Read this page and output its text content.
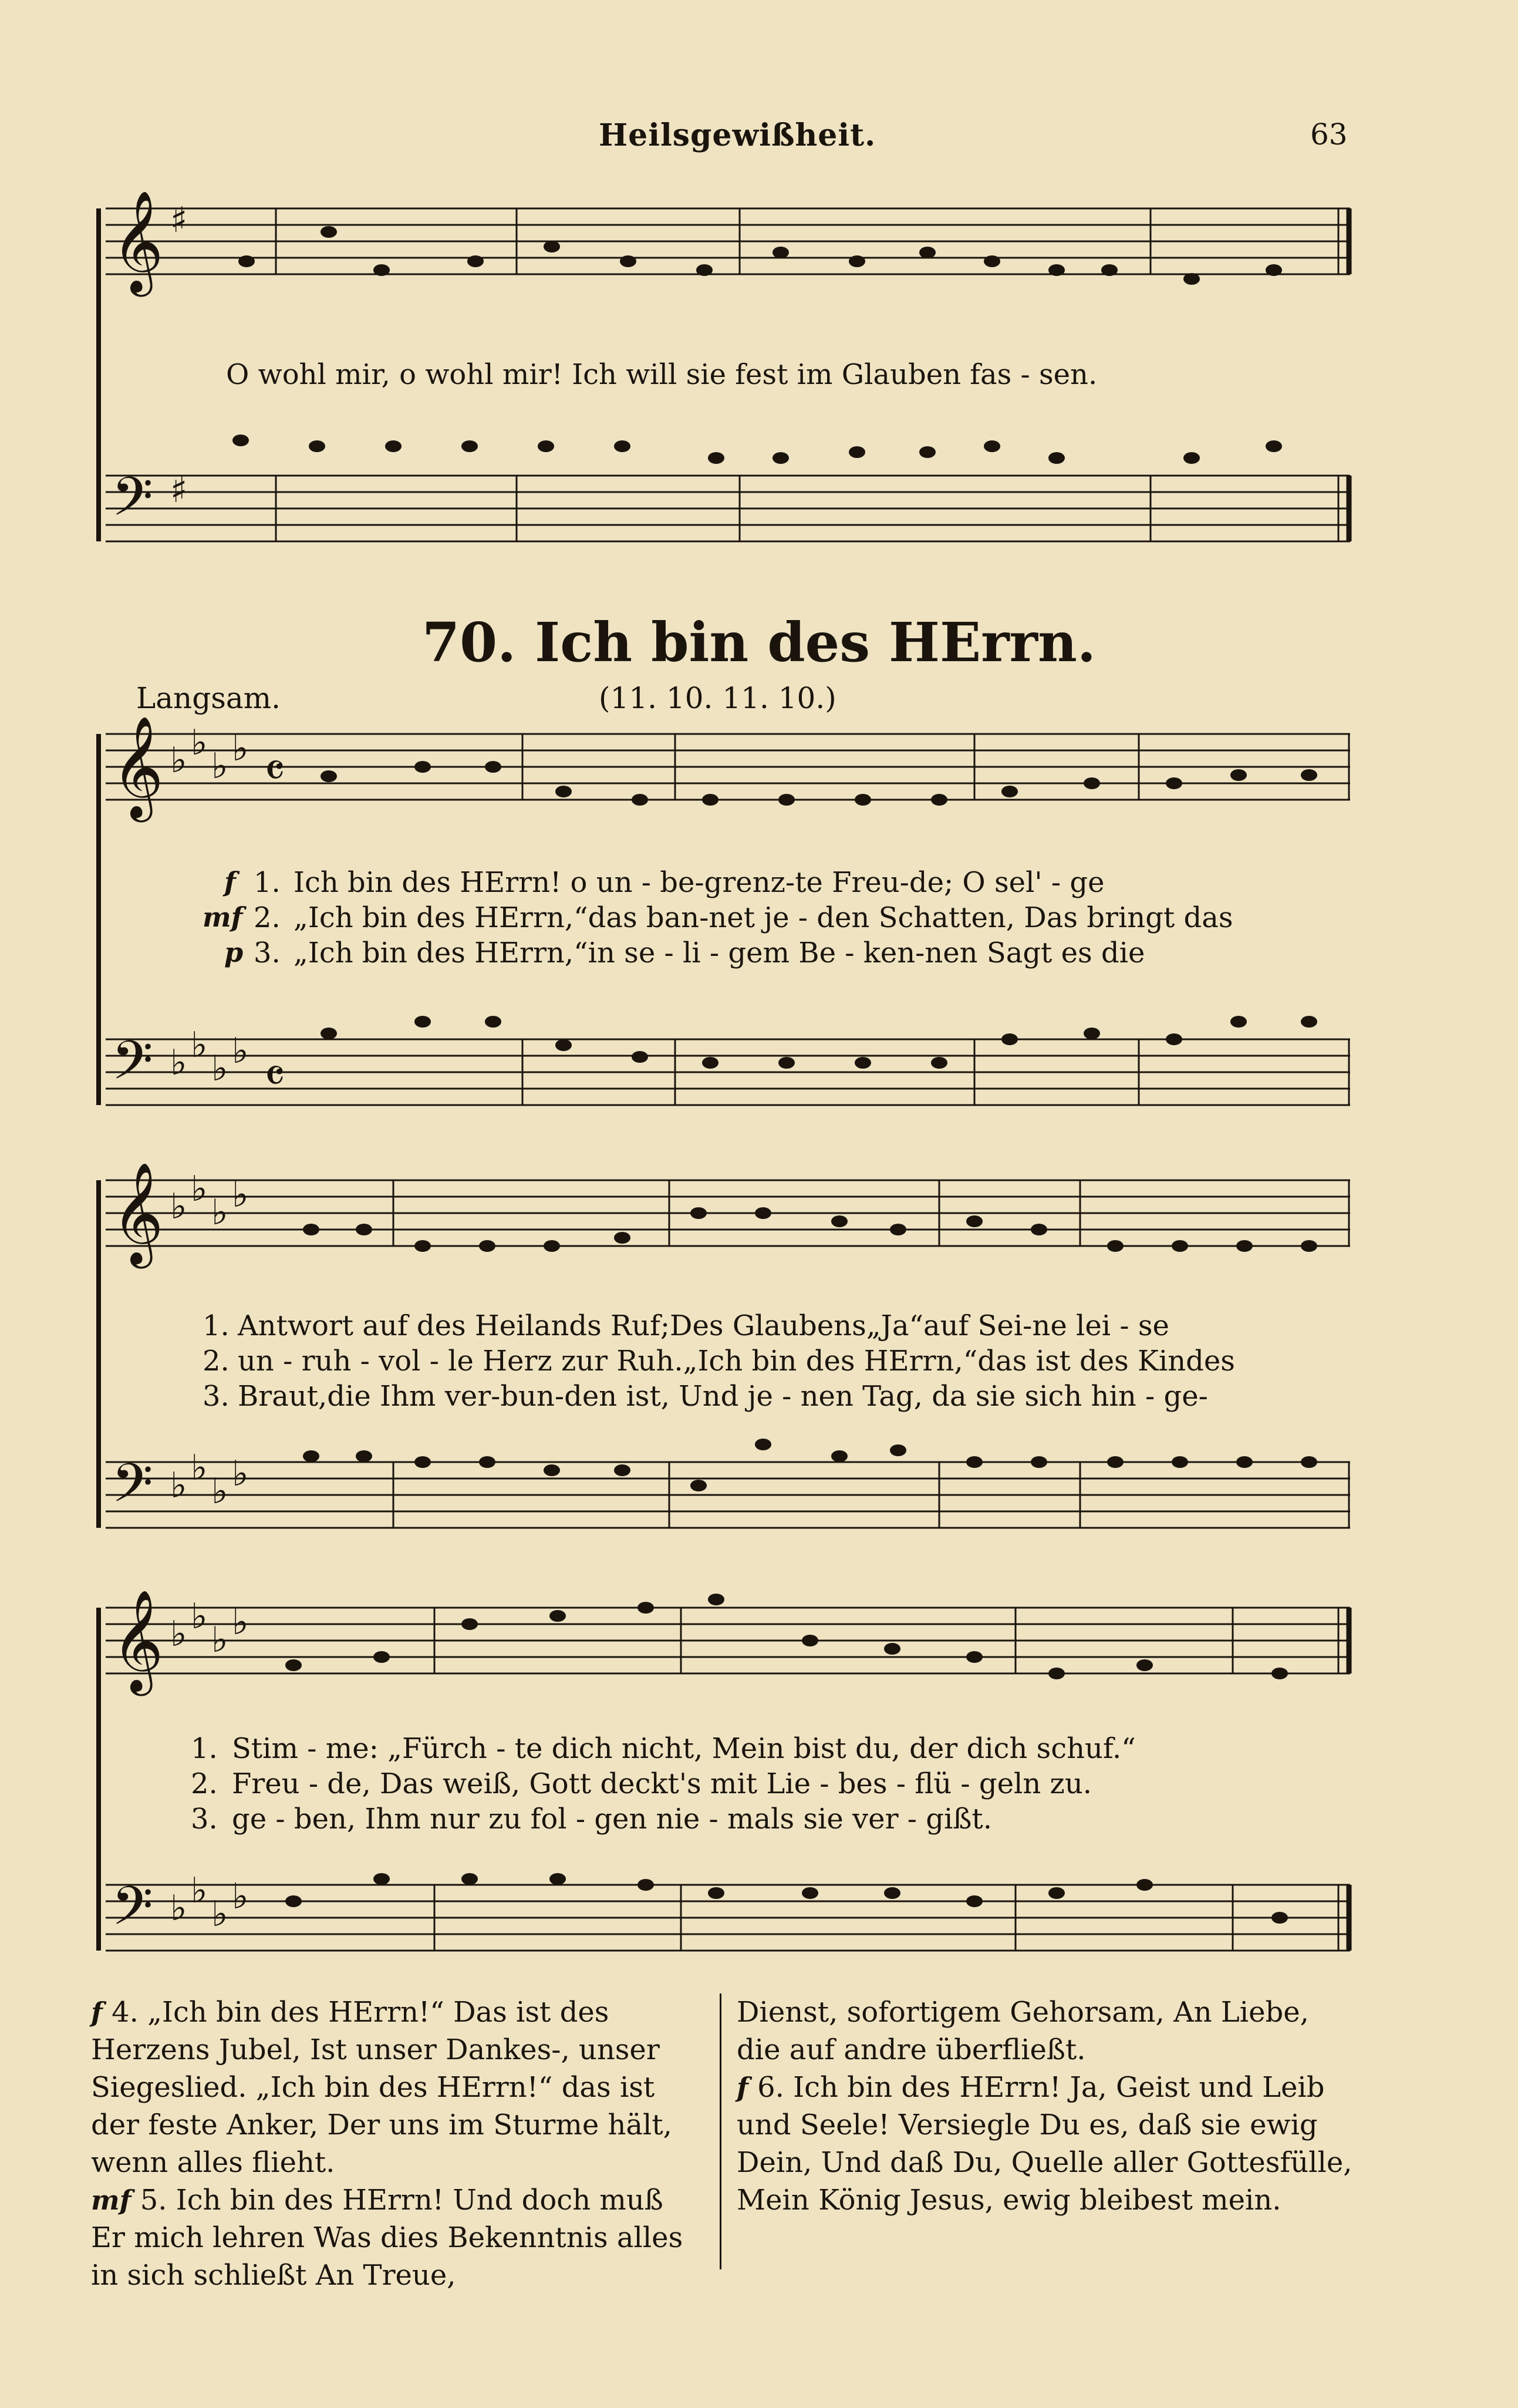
Heilsgewißheit.	63
𝄞
𝄢
𝄞
𝄢
𝄞
𝄢
𝄞
𝄢
♯
♯
♭ ♭
♭ ♭
♭ ♭
♭ ♭
♭ ♭
♭ ♭
♭ ♭
♭ ♭
♭ ♭
♭ ♭
♭ ♭
♭ ♭
𝄴
𝄴
O wohl mir, o wohl mir! Ich will sie fest im Glauben fas - sen.
70. Ich bin des HErrn.
Langsam.	(11. 10. 11. 10.)
f 1. Ich bin des HErrn! o un - be-grenz-te Freu-de; O sel' - ge
mf 2. „Ich bin des HErrn,“das ban-net je - den Schatten, Das bringt das
p 3. „Ich bin des HErrn,“in se - li - gem Be - ken-nen Sagt es die
1. Antwort auf des Heilands Ruf;Des Glaubens„Ja“auf Sei-ne lei - se
2. un - ruh - vol - le Herz zur Ruh.„Ich bin des HErrn,“das ist des Kindes
3. Braut,die Ihm ver-bun-den ist, Und je - nen Tag, da sie sich hin - ge-
1. Stim - me: „Fürch - te dich nicht, Mein bist du, der dich schuf.“
2. Freu - de, Das weiß, Gott deckt's mit Lie - bes - flü - geln zu.
3. ge - ben, Ihm nur zu fol - gen nie - mals sie ver - gißt.

f 4. „Ich bin des HErrn!“ Das ist des Herzens Jubel, Ist unser Dankes-, unser Siegeslied. „Ich bin des HErrn!“ das ist der feste Anker, Der uns im Sturme hält, wenn alles flieht.

mf 5. Ich bin des HErrn! Und doch muß Er mich lehren Was dies Bekenntnis alles in sich schließt An Treue,

Dienst, sofortigem Gehorsam, An Liebe, die auf andre überfließt.

f 6. Ich bin des HErrn! Ja, Geist und Leib und Seele! Versiegle Du es, daß sie ewig Dein, Und daß Du, Quelle aller Gottesfülle, Mein König Jesus, ewig bleibest mein.
